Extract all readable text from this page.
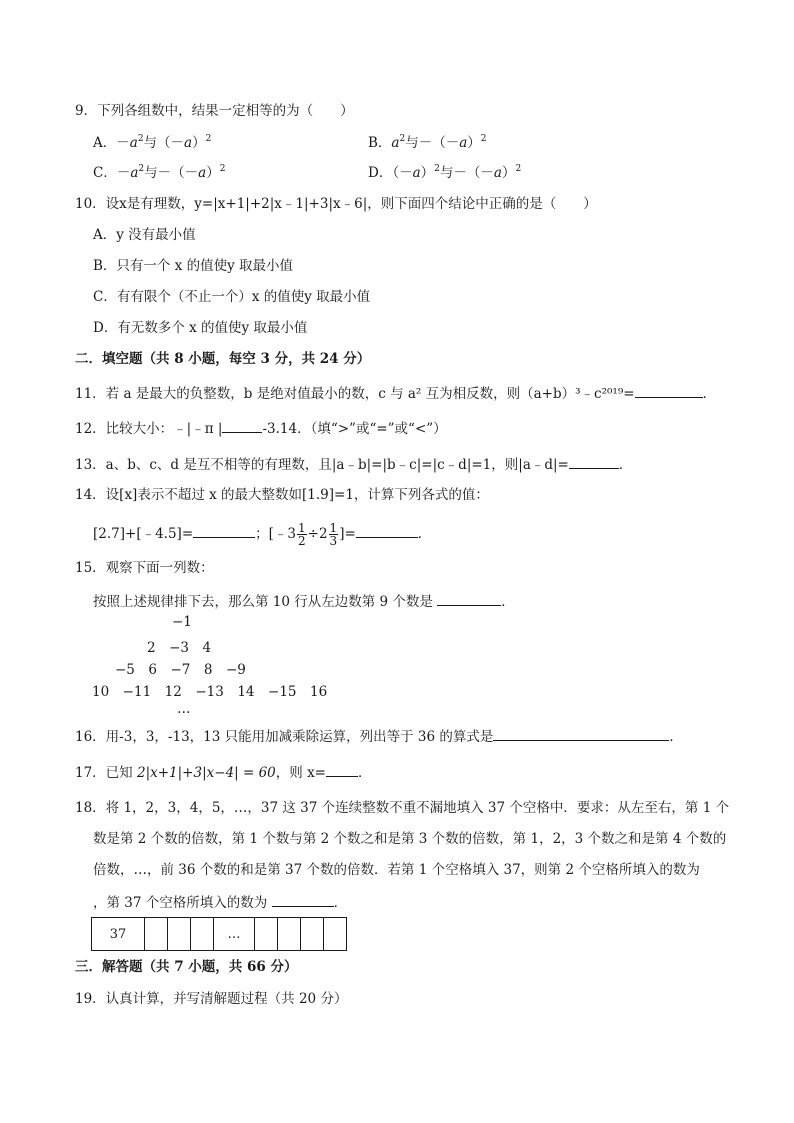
9．下列各组数中，结果一定相等的为（　　）
A．$-a^2$与$(-a)^2$	B．$a^2$与$-(-a)^2$
C．$-a^2$与$-(-a)^2$	D．$(-a)^2$与$-(-a)^2$
10．设x是有理数，y=|x+1|+2|x﹣1|+3|x﹣6|，则下面四个结论中正确的是（　　）
A．y 没有最小值
B．只有一个 x 的值使y 取最小值
C．有有限个（不止一个）x 的值使y 取最小值
D．有无数多个 x 的值使y 取最小值
二．填空题（共 8 小题，每空 3 分，共 24 分）
11．若 a 是最大的负整数，b 是绝对值最小的数，c 与 a² 互为相反数，则（a+b）³﹣c²⁰¹⁹=	．
12．比较大小：﹣|﹣π |	-3.14．（填“>”或“=”或“<”）
13．a、b、c、d 是互不相等的有理数，且|a﹣b|=|b﹣c|=|c﹣d|=1，则|a﹣d|=	．
14．设[x]表示不超过 x 的最大整数如[1.9]=1，计算下列各式的值：
[2.7]+[﹣4.5]=	；[﹣3 $\frac{1}{2} \div 2 \frac{1}{3}$ ]=	．
15．观察下面一列数：
按照上述规律排下去，那么第 10 行从左边数第 9 个数是	．
−1
2　−3　4
−5　6　−7　8　−9
10　−11　12　−13　14　−15　16
…
16．用-3，3，-13，13 只能用加减乘除运算，列出等于 36 的算式是	．
17．已知 2|x+1|+3|x−4| = 60，则 x= ．
18．将 1，2，3，4，5，…，37 这 37 个连续整数不重不漏地填入 37 个空格中．要求：从左至右，第 1 个
数是第 2 个数的倍数，第 1 个数与第 2 个数之和是第 3 个数的倍数，第 1，2，3 个数之和是第 4 个数的
倍数，…，前 36 个数的和是第 37 个数的倍数．若第 1 个空格填入 37，则第 2 个空格所填入的数为
，第 37 个空格所填入的数为	．
37	…
三．解答题（共 7 小题，共 66 分）
19．认真计算，并写清解题过程（共 20 分）
